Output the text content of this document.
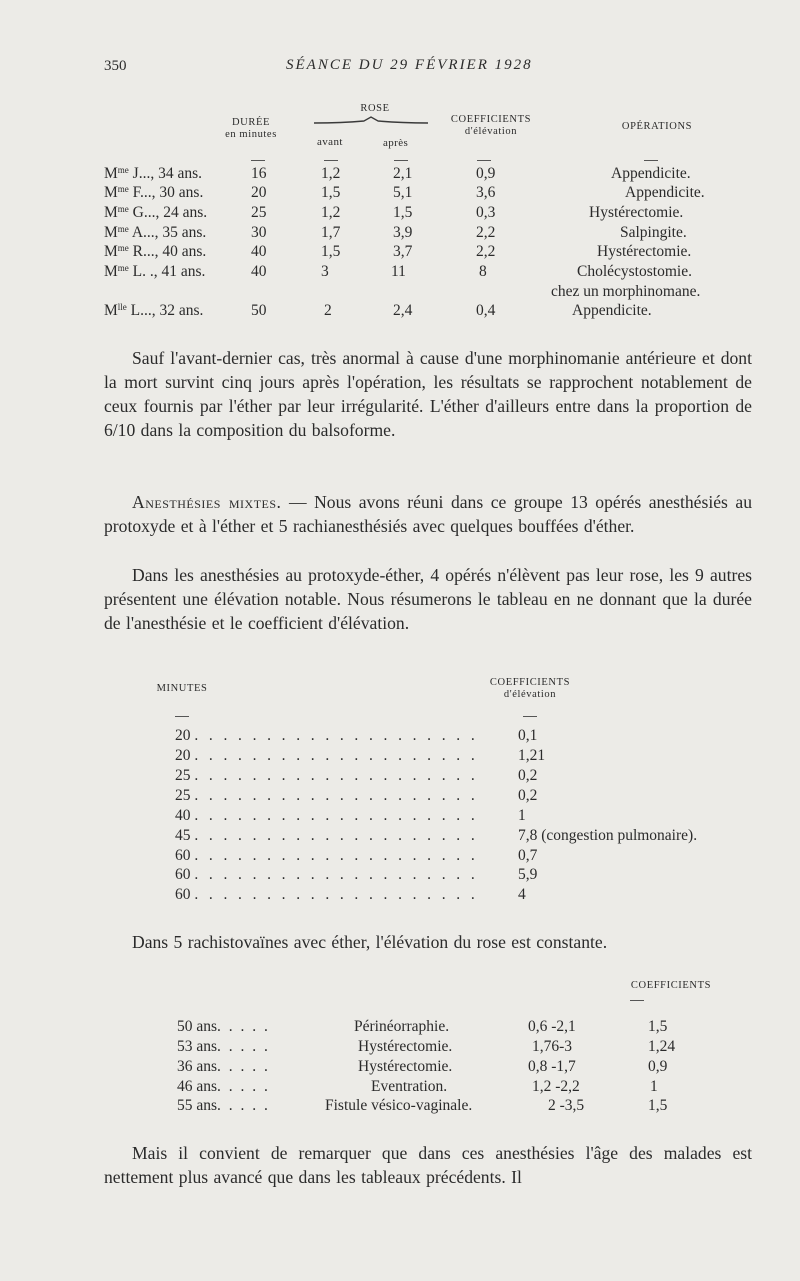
350	SÉANCE DU 29 FÉVRIER 1928
DURÉE
en minutes
ROSE
avant	après
COEFFICIENTS
d'élévation	OPÉRATIONS
$M^{me}$ J..., 34 ans.	16	1,2	2,1	0,9	Appendicite.
$M^{me}$ F..., 30 ans.	20	1,5	5,1	3,6	Appendicite.
$M^{me}$ G..., 24 ans.	25	1,2	1,5	0,3	Hystérectomie.
$M^{me}$ A..., 35 ans.	30	1,7	3,9	2,2	Salpingite.
$M^{me}$ R..., 40 ans.	40	1,5	3,7	2,2	Hystérectomie.
$M^{me}$ L. ., 41 ans.	40	3	11	8	Cholécystostomie.
chez un morphinomane.
$M^{lle}$ L..., 32 ans.	50	2	2,4	0,4	Appendicite.

Sauf l'avant-dernier cas, très anormal à cause d'une morphinomanie antérieure et dont la mort survint cinq jours après l'opération, les résultats se rapprochent notablement de ceux fournis par l'éther par leur irrégularité. L'éther d'ailleurs entre dans la proportion de 6/10 dans la composition du balsoforme.

Anesthésies mixtes. — Nous avons réuni dans ce groupe 13 opérés anesthésiés au protoxyde et à l'éther et 5 rachianesthésiés avec quelques bouffées d'éther.

Dans les anesthésies au protoxyde-éther, 4 opérés n'élèvent pas leur rose, les 9 autres présentent une élévation notable. Nous résumerons le tableau en ne donnant que la durée de l'anesthésie et le coefficient d'élévation.

MINUTES
COEFFICIENTS
d'élévation
20 . . . . . . . . . . . . . . . . . . . .	0,1
20 . . . . . . . . . . . . . . . . . . . .	1,21
25 . . . . . . . . . . . . . . . . . . . .	0,2
25 . . . . . . . . . . . . . . . . . . . .	0,2
40 . . . . . . . . . . . . . . . . . . . .	1
45 . . . . . . . . . . . . . . . . . . . .	7,8 (congestion pulmonaire).
60 . . . . . . . . . . . . . . . . . . . .	0,7
60 . . . . . . . . . . . . . . . . . . . .	5,9
60 . . . . . . . . . . . . . . . . . . . .	4

Dans 5 rachistovaïnes avec éther, l'élévation du rose est constante.

COEFFICIENTS
50 ans. . . . .	Périnéorraphie.	0,6 -2,1	1,5
53 ans. . . . .	Hystérectomie.	1,76-3	1,24
36 ans. . . . .	Hystérectomie.	0,8 -1,7	0,9
46 ans. . . . .	Eventration.	1,2 -2,2	1
55 ans. . . . .	Fistule vésico-vaginale.	2 -3,5	1,5

Mais il convient de remarquer que dans ces anesthésies l'âge des malades est nettement plus avancé que dans les tableaux précédents. Il
